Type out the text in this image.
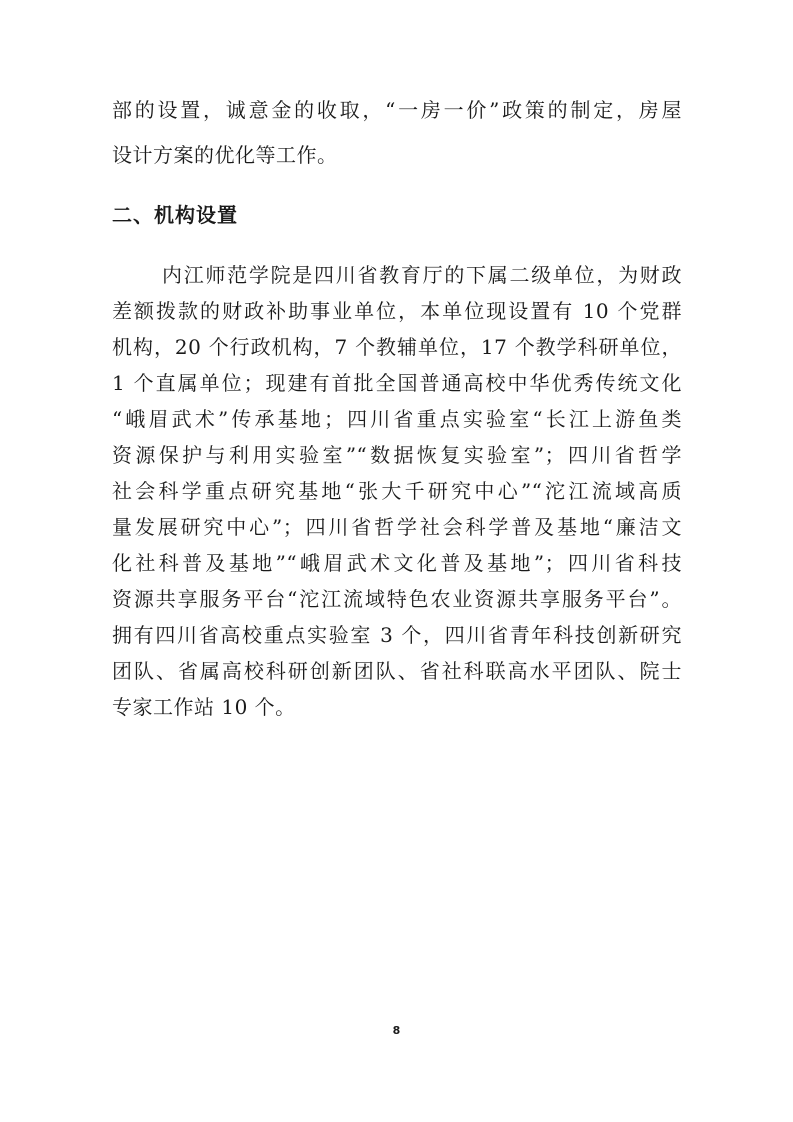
部的设置，诚意金的收取，“一房一价”政策的制定，房屋
设计方案的优化等工作。
二、机构设置
内江师范学院是四川省教育厅的下属二级单位，为财政
差额拨款的财政补助事业单位，本单位现设置有 10 个党群
机构，20 个行政机构，7 个教辅单位，17 个教学科研单位，
1 个直属单位；现建有首批全国普通高校中华优秀传统文化
“峨眉武术”传承基地；四川省重点实验室“长江上游鱼类
资源保护与利用实验室”“数据恢复实验室”；四川省哲学
社会科学重点研究基地“张大千研究中心”“沱江流域高质
量发展研究中心”；四川省哲学社会科学普及基地“廉洁文
化社科普及基地”“峨眉武术文化普及基地”；四川省科技
资源共享服务平台“沱江流域特色农业资源共享服务平台”。
拥有四川省高校重点实验室 3 个，四川省青年科技创新研究
团队、省属高校科研创新团队、省社科联高水平团队、院士
专家工作站 10 个。
8
